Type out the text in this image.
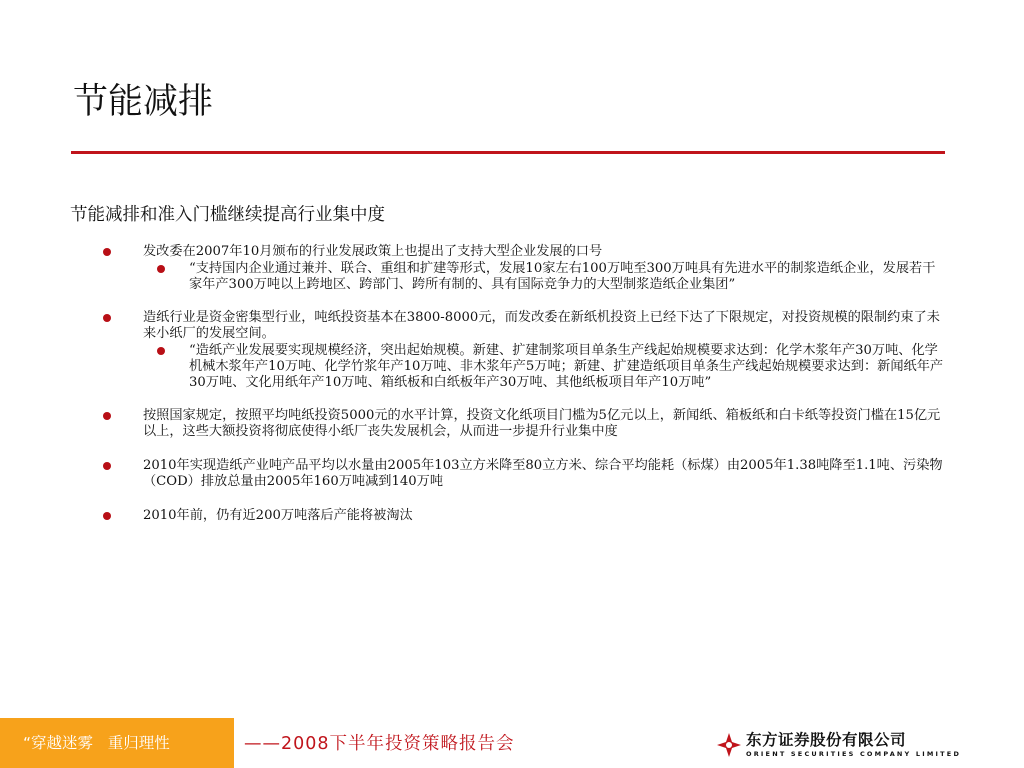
节能减排
节能减排和准入门槛继续提高行业集中度
发改委在2007年10月颁布的行业发展政策上也提出了支持大型企业发展的口号
“支持国内企业通过兼并、联合、重组和扩建等形式，发展10家左右100万吨至300万吨具有先进水平的制浆造纸企业，发展若干家年产300万吨以上跨地区、跨部门、跨所有制的、具有国际竞争力的大型制浆造纸企业集团”
造纸行业是资金密集型行业，吨纸投资基本在3800-8000元，而发改委在新纸机投资上已经下达了下限规定，对投资规模的限制约束了未来小纸厂的发展空间。
“造纸产业发展要实现规模经济，突出起始规模。新建、扩建制浆项目单条生产线起始规模要求达到：化学木浆年产30万吨、化学机械木浆年产10万吨、化学竹浆年产10万吨、非木浆年产5万吨；新建、扩建造纸项目单条生产线起始规模要求达到：新闻纸年产30万吨、文化用纸年产10万吨、箱纸板和白纸板年产30万吨、其他纸板项目年产10万吨”
按照国家规定，按照平均吨纸投资5000元的水平计算，投资文化纸项目门槛为5亿元以上，新闻纸、箱板纸和白卡纸等投资门槛在15亿元以上，这些大额投资将彻底使得小纸厂丧失发展机会，从而进一步提升行业集中度
2010年实现造纸产业吨产品平均以水量由2005年103立方米降至80立方米、综合平均能耗（标煤）由2005年1.38吨降至1.1吨、污染物（COD）排放总量由2005年160万吨减到140万吨
2010年前，仍有近200万吨落后产能将被淘汰
“穿越迷雾   重归理性	——2008下半年投资策略报告会	东方证券股份有限公司
ORIENT SECURITIES COMPANY LIMITED
